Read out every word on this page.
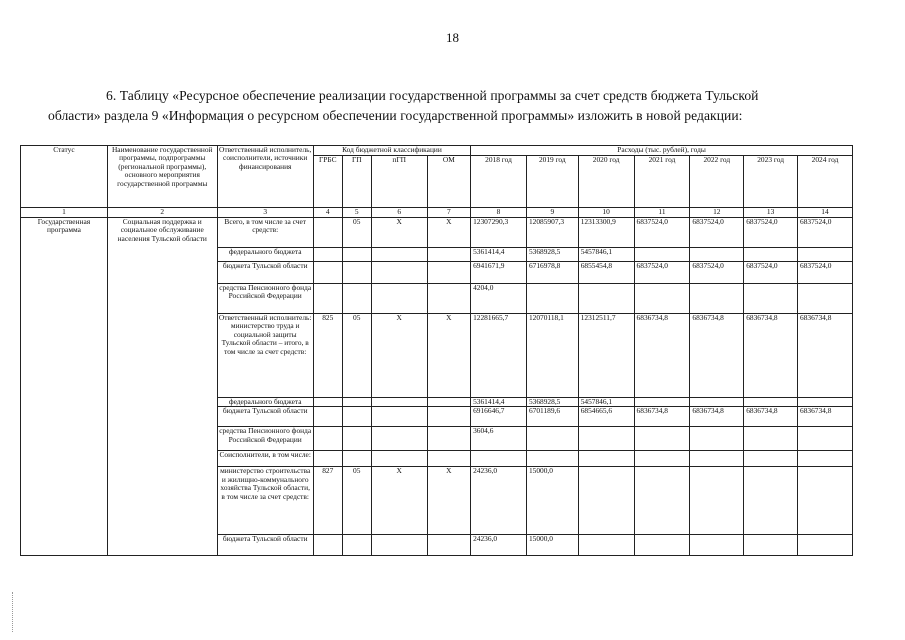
18
6. Таблицу «Ресурсное обеспечение реализации государственной программы за счет средств бюджета Тульской
области» раздела 9 «Информация о ресурсном обеспечении государственной программы» изложить в новой редакции:
Статус	Наименование государственной программы, подпрограммы (региональной программы), основного мероприятия государственной программы	Ответственный исполнитель, соисполнители, источники финансирования	Код бюджетной классификации				Расходы (тыс. рублей), годы						
			ГРБС	ГП	пГП	ОМ	2018 год	2019 год	2020 год	2021 год	2022 год	2023 год	2024 год
1	2	3	4	5	6	7	8	9	10	11	12	13	14
Государственная программа	Социальная поддержка и социальное обслуживание населения Тульской области	Всего, в том числе за счет средств:		05	Х	Х	12307290,3	12085907,3	12313300,9	6837524,0	6837524,0	6837524,0	6837524,0
		федерального бюджета					5361414,4	5368928,5	5457846,1				
		бюджета Тульской области					6941671,9	6716978,8	6855454,8	6837524,0	6837524,0	6837524,0	6837524,0
		средства Пенсионного фонда Российской Федерации					4204,0						
		Ответственный исполнитель: министерство труда и социальной защиты Тульской области – итого, в том числе за счет средств:	825	05	Х	Х	12281665,7	12070118,1	12312511,7	6836734,8	6836734,8	6836734,8	6836734,8
		федерального бюджета					5361414,4	5368928,5	5457846,1				
		бюджета Тульской области					6916646,7	6701189,6	6854665,6	6836734,8	6836734,8	6836734,8	6836734,8
		средства Пенсионного фонда Российской Федерации					3604,6						
		Соисполнители, в том числе:											
		министерство строительства и жилищно-коммунального хозяйства Тульской области, в том числе за счет средств:	827	05	Х	Х	24236,0	15000,0					
		бюджета Тульской области					24236,0	15000,0					
